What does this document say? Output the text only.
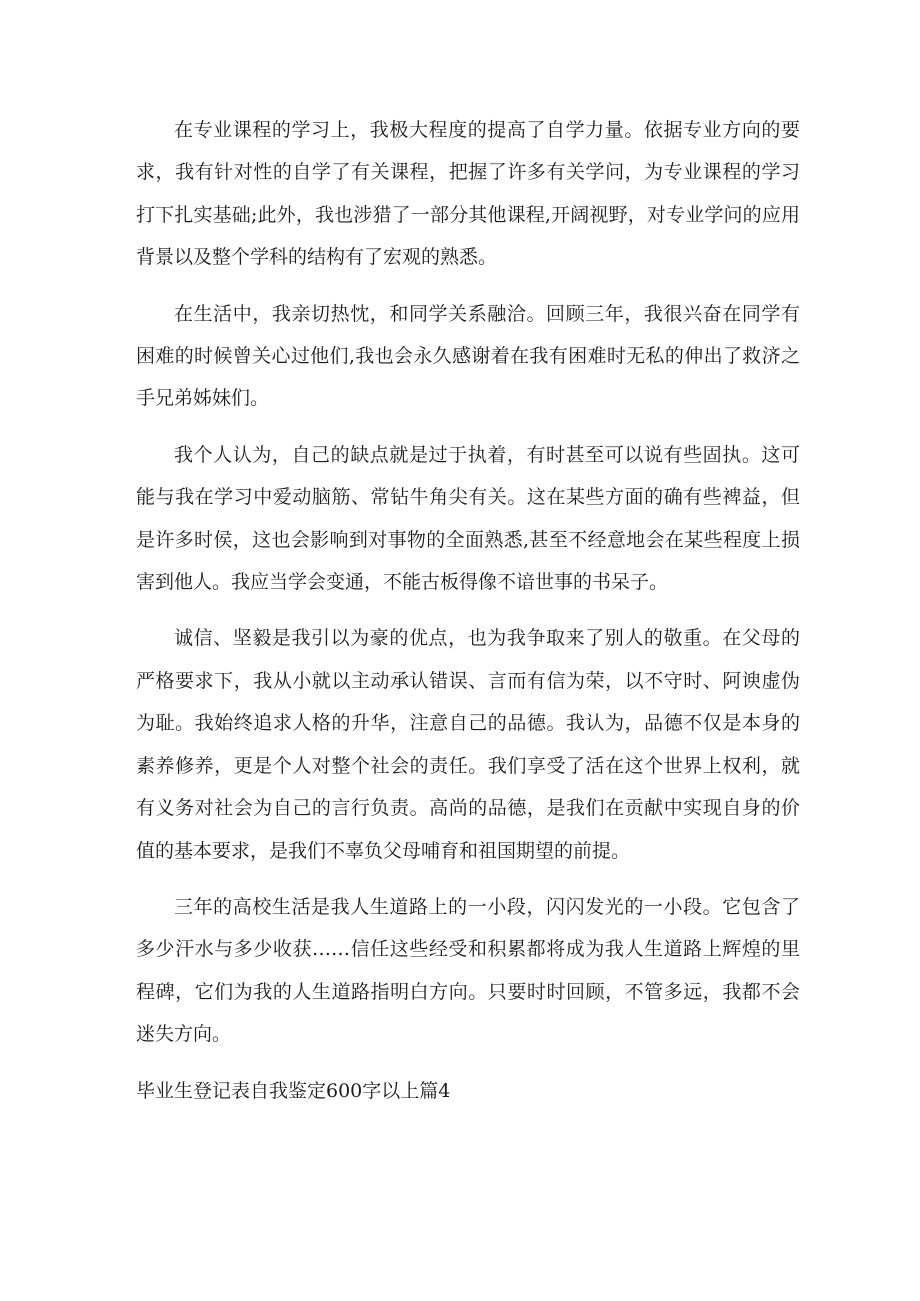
在专业课程的学习上，我极大程度的提高了自学力量。依据专业方向的要求，我有针对性的自学了有关课程，把握了许多有关学问，为专业课程的学习打下扎实基础;此外，我也涉猎了一部分其他课程,开阔视野，对专业学问的应用背景以及整个学科的结构有了宏观的熟悉。

在生活中，我亲切热忱，和同学关系融洽。回顾三年，我很兴奋在同学有困难的时候曾关心过他们,我也会永久感谢着在我有困难时无私的伸出了救济之手兄弟姊妹们。

我个人认为，自己的缺点就是过于执着，有时甚至可以说有些固执。这可能与我在学习中爱动脑筋、常钻牛角尖有关。这在某些方面的确有些裨益，但是许多时侯，这也会影响到对事物的全面熟悉,甚至不经意地会在某些程度上损害到他人。我应当学会变通，不能古板得像不谙世事的书呆子。

诚信、坚毅是我引以为豪的优点，也为我争取来了别人的敬重。在父母的严格要求下，我从小就以主动承认错误、言而有信为荣，以不守时、阿谀虚伪为耻。我始终追求人格的升华，注意自己的品德。我认为，品德不仅是本身的素养修养，更是个人对整个社会的责任。我们享受了活在这个世界上权利，就有义务对社会为自己的言行负责。高尚的品德，是我们在贡献中实现自身的价值的基本要求，是我们不辜负父母哺育和祖国期望的前提。

三年的高校生活是我人生道路上的一小段，闪闪发光的一小段。它包含了多少汗水与多少收获……信任这些经受和积累都将成为我人生道路上辉煌的里程碑，它们为我的人生道路指明白方向。只要时时回顾，不管多远，我都不会迷失方向。

毕业生登记表自我鉴定600字以上篇4
